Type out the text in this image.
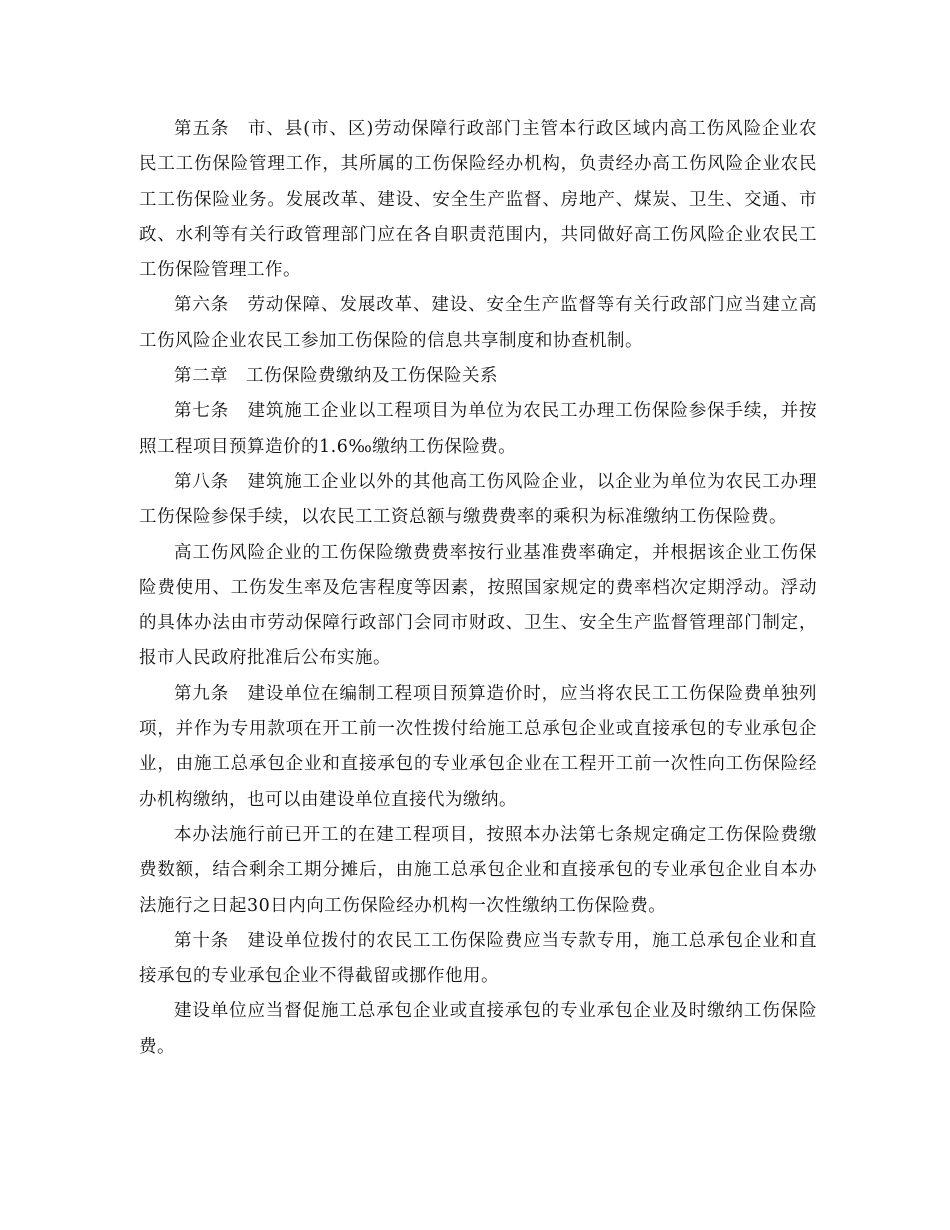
第五条　市、县(市、区)劳动保障行政部门主管本行政区域内高工伤风险企业农民工工伤保险管理工作，其所属的工伤保险经办机构，负责经办高工伤风险企业农民工工伤保险业务。发展改革、建设、安全生产监督、房地产、煤炭、卫生、交通、市政、水利等有关行政管理部门应在各自职责范围内，共同做好高工伤风险企业农民工工伤保险管理工作。

第六条　劳动保障、发展改革、建设、安全生产监督等有关行政部门应当建立高工伤风险企业农民工参加工伤保险的信息共享制度和协查机制。

第二章　工伤保险费缴纳及工伤保险关系

第七条　建筑施工企业以工程项目为单位为农民工办理工伤保险参保手续，并按照工程项目预算造价的1.6‰缴纳工伤保险费。

第八条　建筑施工企业以外的其他高工伤风险企业，以企业为单位为农民工办理工伤保险参保手续，以农民工工资总额与缴费费率的乘积为标准缴纳工伤保险费。

高工伤风险企业的工伤保险缴费费率按行业基准费率确定，并根据该企业工伤保险费使用、工伤发生率及危害程度等因素，按照国家规定的费率档次定期浮动。浮动的具体办法由市劳动保障行政部门会同市财政、卫生、安全生产监督管理部门制定，报市人民政府批准后公布实施。

第九条　建设单位在编制工程项目预算造价时，应当将农民工工伤保险费单独列项，并作为专用款项在开工前一次性拨付给施工总承包企业或直接承包的专业承包企业，由施工总承包企业和直接承包的专业承包企业在工程开工前一次性向工伤保险经办机构缴纳，也可以由建设单位直接代为缴纳。

本办法施行前已开工的在建工程项目，按照本办法第七条规定确定工伤保险费缴费数额，结合剩余工期分摊后，由施工总承包企业和直接承包的专业承包企业自本办法施行之日起30日内向工伤保险经办机构一次性缴纳工伤保险费。

第十条　建设单位拨付的农民工工伤保险费应当专款专用，施工总承包企业和直接承包的专业承包企业不得截留或挪作他用。

建设单位应当督促施工总承包企业或直接承包的专业承包企业及时缴纳工伤保险费。
